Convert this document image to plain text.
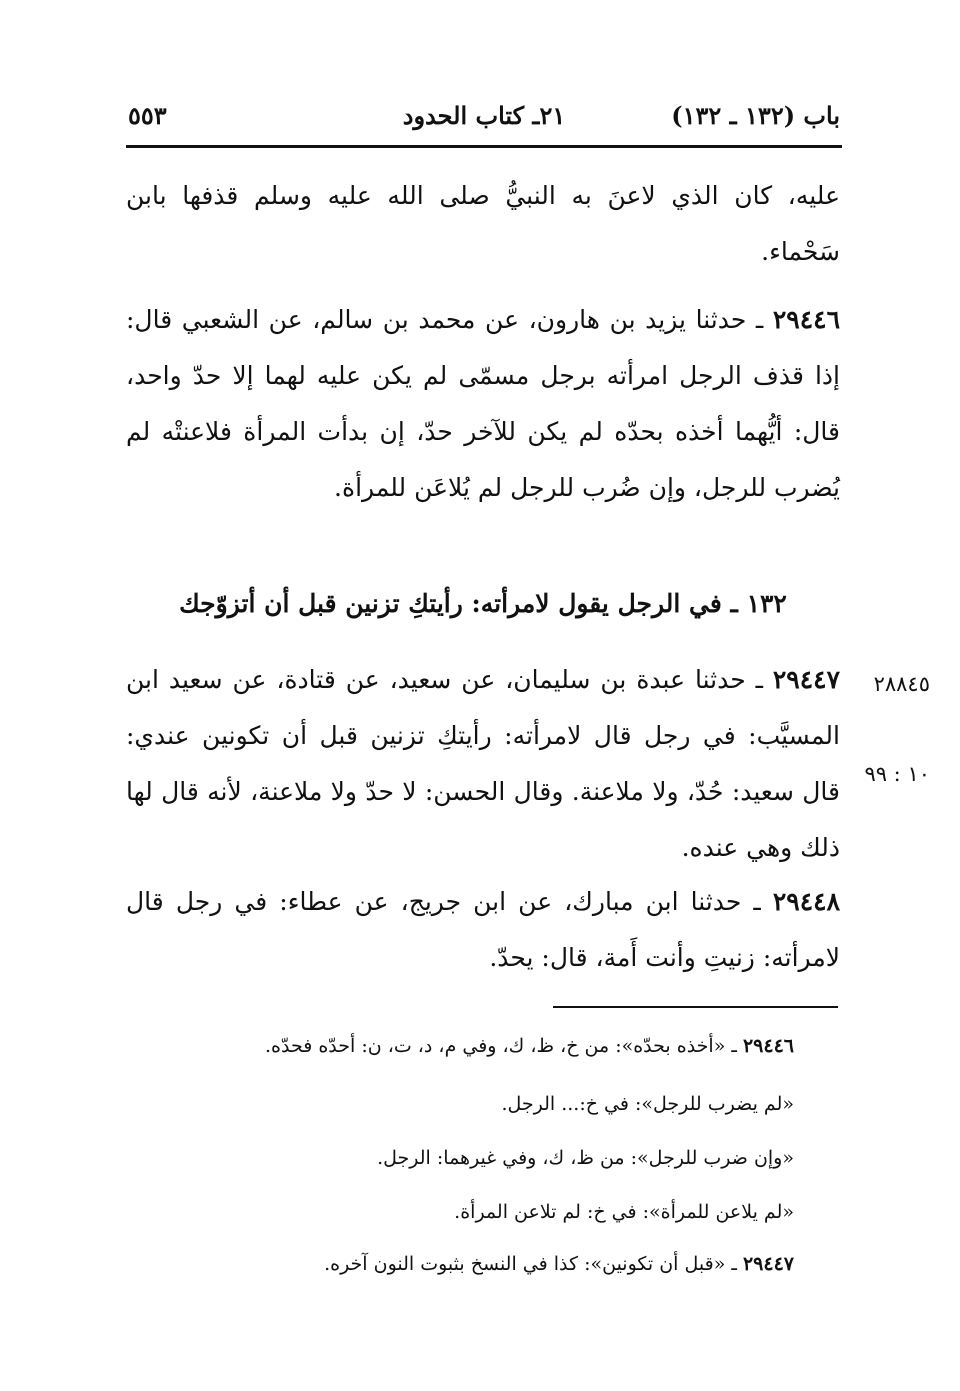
٥٥٣	٢١ـ كتاب الحدود	باب (١٣٢ ـ ١٣٢)

عليه، كان الذي لاعنَ به النبيُّ صلى الله عليه وسلم قذفها بابن سَحْماء.

٢٩٤٤٦ ـ حدثنا يزيد بن هارون، عن محمد بن سالم، عن الشعبي قال: إذا قذف الرجل امرأته برجل مسمّى لم يكن عليه لهما إلا حدّ واحد، قال: أيُّهما أخذه بحدّه لم يكن للآخر حدّ، إن بدأت المرأة فلاعنتْه لم يُضرب للرجل، وإن ضُرب للرجل لم يُلاعَن للمرأة.

١٣٢ ـ في الرجل يقول لامرأته: رأيتكِ تزنين قبل أن أتزوّجك

٢٩٤٤٧ ـ حدثنا عبدة بن سليمان، عن سعيد، عن قتادة، عن سعيد ابن المسيَّب: في رجل قال لامرأته: رأيتكِ تزنين قبل أن تكونين عندي: قال سعيد: حُدّ، ولا ملاعنة. وقال الحسن: لا حدّ ولا ملاعنة، لأنه قال لها ذلك وهي عنده.

٢٨٨٤٥
١٠ : ٩٩

٢٩٤٤٨ ـ حدثنا ابن مبارك، عن ابن جريج، عن عطاء: في رجل قال لامرأته: زنيتِ وأنت أَمة، قال: يحدّ.

٢٩٤٤٦ ـ «أخذه بحدّه»: من خ، ظ، ك، وفي م، د، ت، ن: أحدّه فحدّه.
«لم يضرب للرجل»: في خ:... الرجل.
«وإن ضرب للرجل»: من ظ، ك، وفي غيرهما: الرجل.
«لم يلاعن للمرأة»: في خ: لم تلاعن المرأة.
٢٩٤٤٧ ـ «قبل أن تكونين»: كذا في النسخ بثبوت النون آخره.
